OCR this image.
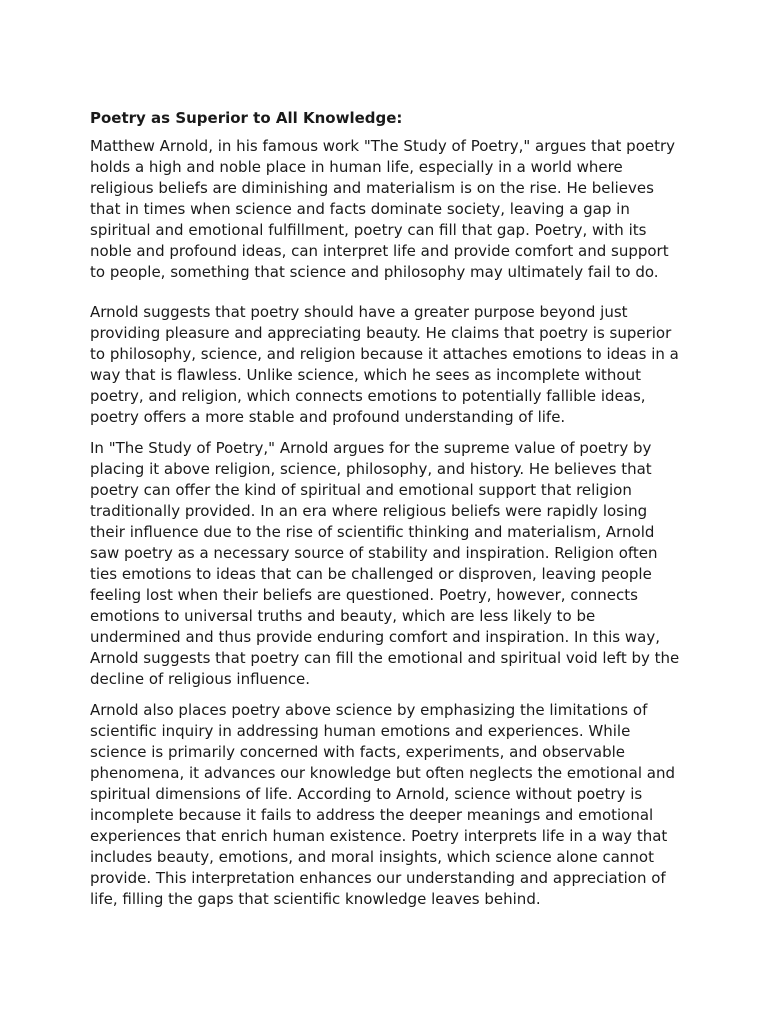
Poetry as Superior to All Knowledge:

Matthew Arnold, in his famous work "The Study of Poetry," argues that poetry holds a high and noble place in human life, especially in a world where religious beliefs are diminishing and materialism is on the rise. He believes that in times when science and facts dominate society, leaving a gap in spiritual and emotional fulfillment, poetry can fill that gap. Poetry, with its noble and profound ideas, can interpret life and provide comfort and support to people, something that science and philosophy may ultimately fail to do.

Arnold suggests that poetry should have a greater purpose beyond just providing pleasure and appreciating beauty. He claims that poetry is superior to philosophy, science, and religion because it attaches emotions to ideas in a way that is flawless. Unlike science, which he sees as incomplete without poetry, and religion, which connects emotions to potentially fallible ideas, poetry offers a more stable and profound understanding of life.

In "The Study of Poetry," Arnold argues for the supreme value of poetry by placing it above religion, science, philosophy, and history. He believes that poetry can offer the kind of spiritual and emotional support that religion traditionally provided. In an era where religious beliefs were rapidly losing their influence due to the rise of scientific thinking and materialism, Arnold saw poetry as a necessary source of stability and inspiration. Religion often ties emotions to ideas that can be challenged or disproven, leaving people feeling lost when their beliefs are questioned. Poetry, however, connects emotions to universal truths and beauty, which are less likely to be undermined and thus provide enduring comfort and inspiration. In this way, Arnold suggests that poetry can fill the emotional and spiritual void left by the decline of religious influence.

Arnold also places poetry above science by emphasizing the limitations of scientific inquiry in addressing human emotions and experiences. While science is primarily concerned with facts, experiments, and observable phenomena, it advances our knowledge but often neglects the emotional and spiritual dimensions of life. According to Arnold, science without poetry is incomplete because it fails to address the deeper meanings and emotional experiences that enrich human existence. Poetry interprets life in a way that includes beauty, emotions, and moral insights, which science alone cannot provide. This interpretation enhances our understanding and appreciation of life, filling the gaps that scientific knowledge leaves behind.
